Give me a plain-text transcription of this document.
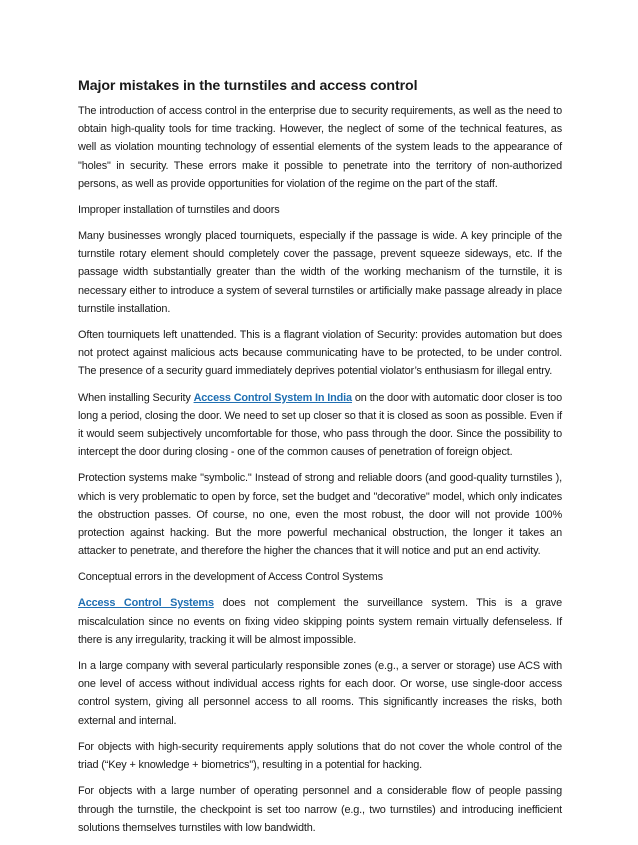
Major mistakes in the turnstiles and access control

The introduction of access control in the enterprise due to security requirements, as well as the need to obtain high-quality tools for time tracking. However, the neglect of some of the technical features, as well as violation mounting technology of essential elements of the system leads to the appearance of "holes" in security. These errors make it possible to penetrate into the territory of non-authorized persons, as well as provide opportunities for violation of the regime on the part of the staff.

Improper installation of turnstiles and doors

Many businesses wrongly placed tourniquets, especially if the passage is wide. A key principle of the turnstile rotary element should completely cover the passage, prevent squeeze sideways, etc. If the passage width substantially greater than the width of the working mechanism of the turnstile, it is necessary either to introduce a system of several turnstiles or artificially make passage already in place turnstile installation.

Often tourniquets left unattended. This is a flagrant violation of Security: provides automation but does not protect against malicious acts because communicating have to be protected, to be under control. The presence of a security guard immediately deprives potential violator’s enthusiasm for illegal entry.

When installing Security Access Control System In India on the door with automatic door closer is too long a period, closing the door. We need to set up closer so that it is closed as soon as possible. Even if it would seem subjectively uncomfortable for those, who pass through the door. Since the possibility to intercept the door during closing - one of the common causes of penetration of foreign object.

Protection systems make "symbolic." Instead of strong and reliable doors (and good-quality turnstiles ), which is very problematic to open by force, set the budget and "decorative" model, which only indicates the obstruction passes. Of course, no one, even the most robust, the door will not provide 100% protection against hacking. But the more powerful mechanical obstruction, the longer it takes an attacker to penetrate, and therefore the higher the chances that it will notice and put an end activity.

Conceptual errors in the development of Access Control Systems

Access Control Systems does not complement the surveillance system. This is a grave miscalculation since no events on fixing video skipping points system remain virtually defenseless. If there is any irregularity, tracking it will be almost impossible.

In a large company with several particularly responsible zones (e.g., a server or storage) use ACS with one level of access without individual access rights for each door. Or worse, use single-door access control system, giving all personnel access to all rooms. This significantly increases the risks, both external and internal.

For objects with high-security requirements apply solutions that do not cover the whole control of the triad (“Key + knowledge + biometrics"), resulting in a potential for hacking.

For objects with a large number of operating personnel and a considerable flow of people passing through the turnstile, the checkpoint is set too narrow (e.g., two turnstiles) and introducing inefficient solutions themselves turnstiles with low bandwidth.
